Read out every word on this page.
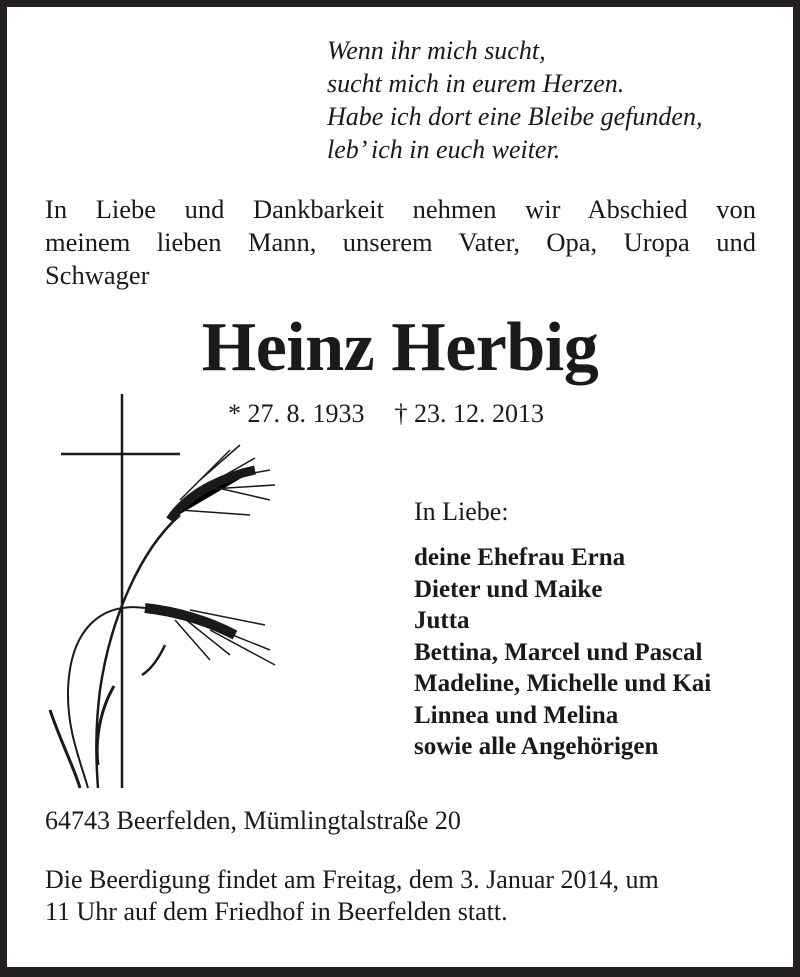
Wenn ihr mich sucht,
sucht mich in eurem Herzen.
Habe ich dort eine Bleibe gefunden,
leb’ ich in euch weiter.
In Liebe und Dankbarkeit nehmen wir Abschied von
meinem lieben Mann, unserem Vater, Opa, Uropa und
Schwager
Heinz Herbig
* 27. 8. 1933 † 23. 12. 2013
In Liebe:
deine Ehefrau Erna
Dieter und Maike
Jutta
Bettina, Marcel und Pascal
Madeline, Michelle und Kai
Linnea und Melina
sowie alle Angehörigen
64743 Beerfelden, Mümlingtalstraße 20
Die Beerdigung findet am Freitag, dem 3. Januar 2014, um
11 Uhr auf dem Friedhof in Beerfelden statt.
